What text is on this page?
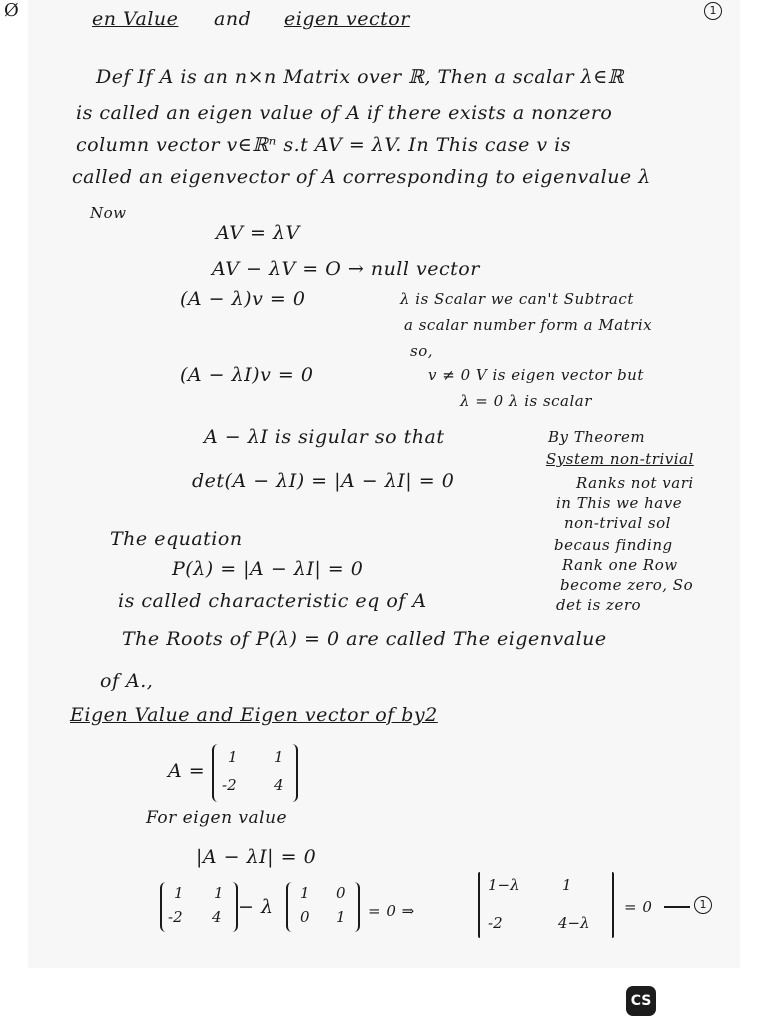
Ø	en Value and eigen vector	1
Def If A is an n×n Matrix over ℝ, Then a scalar λ∈ℝ
is called an eigen value of A if there exists a nonzero
column vector v∈ℝⁿ s.t AV = λV. In This case v is
called an eigenvector of A corresponding to eigenvalue λ
Now
AV = λV
AV − λV = O → null vector
(A − λ)v = 0	λ is Scalar we can't Subtract
a scalar number form a Matrix
so,
(A − λI)v = 0	v ≠ 0 V is eigen vector but
λ = 0 λ is scalar
A − λI is sigular so that
det(A − λI) = |A − λI| = 0
By Theorem
System non-trivial
Ranks not vari
in This we have
non-trival sol
becaus finding
Rank one Row
become zero, So
det is zero
The equation
P(λ) = |A − λI| = 0
is called characteristic eq of A
The Roots of P(λ) = 0 are called The eigenvalue
of A.,
Eigen Value and Eigen vector of by2
A =
1 1
-2 4
For eigen value
|A − λI| = 0
1 1
-2 4 − λ
1 0
0 1 = 0 ⇒
1−λ	1
-2	4−λ
= 0	1
CS
